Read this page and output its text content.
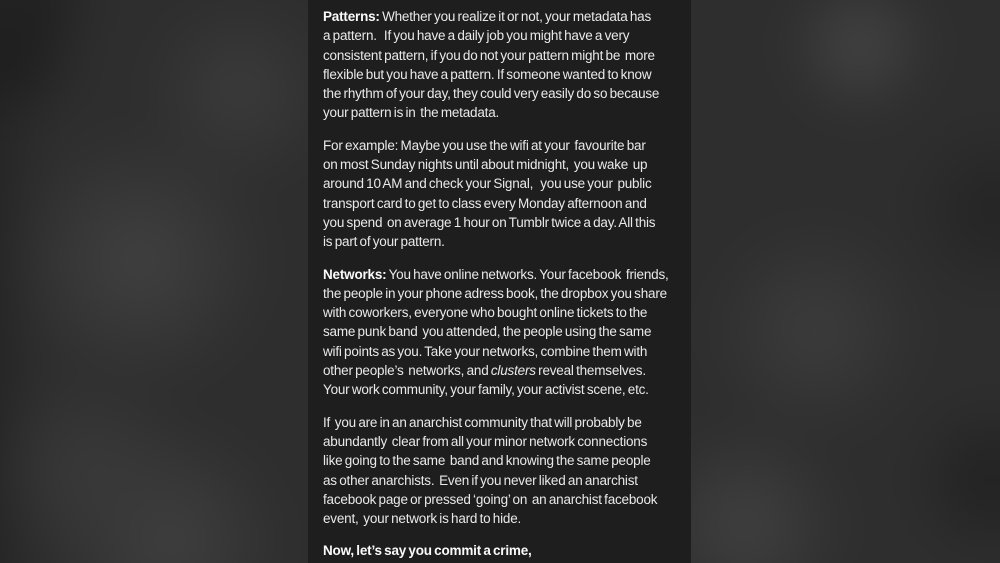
Patterns: Whether you realize it or not, your metadata has
a pattern.   If you have a daily job you might have a very
consistent pattern, if you do not your pattern might be  more
flexible but you have a pattern. If someone wanted to know
the rhythm of your day, they could very easily do so because
your pattern is in  the metadata.

For example: Maybe you use the wifi at your  favourite bar
on most Sunday nights until about midnight,  you wake  up
around 10 AM and check your Signal,   you use your  public
transport card to get to class every Monday afternoon and
you spend  on average 1 hour on Tumblr twice a day. All this
is part of your pattern.

Networks: You have online networks. Your facebook  friends,
the people in your phone adress book, the dropbox you share
with coworkers, everyone who bought online tickets to the
same punk band  you attended, the people using the same
wifi points as you. Take your networks, combine them with
other people’s  networks, and clusters reveal themselves.
Your work community, your family, your activist scene, etc.

If  you are in an anarchist community that will probably be
abundantly  clear from all your minor network connections
like going to the same  band and knowing the same people
as other anarchists.  Even if you never liked an anarchist
facebook page or pressed ‘going’ on  an anarchist facebook
event,  your network is hard to hide.

Now, let’s say you commit a crime,
